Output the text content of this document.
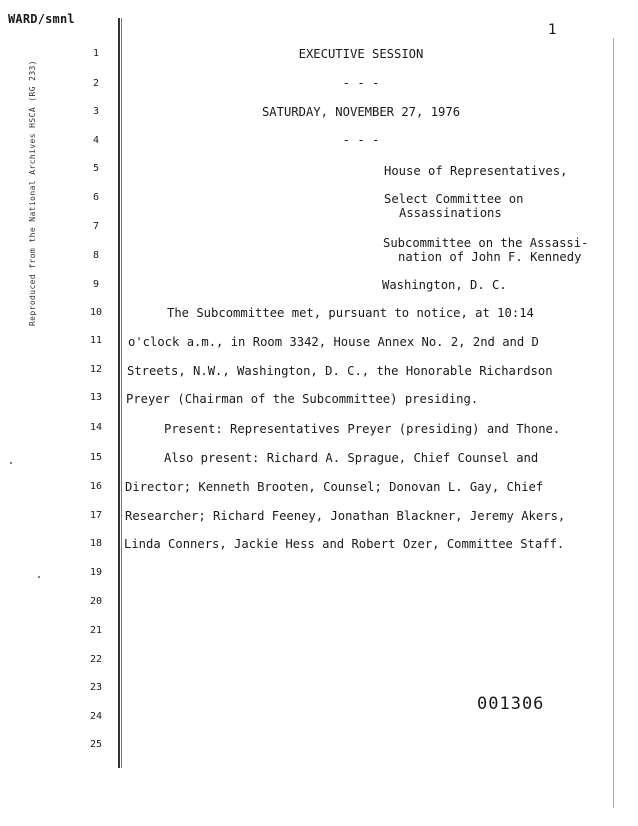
WARD/smnl
1
Reproduced from the National Archives HSCA (RG 233)
1
2
3
4
5
6
7
8
9
10
11
12
13
14
15
16
17
18
19
20
21
22
23
24
25
EXECUTIVE SESSION
- - -
SATURDAY, NOVEMBER 27, 1976
- - -
House of Representatives,
Select Committee on
Assassinations
Subcommittee on the Assassi-
nation of John F. Kennedy
Washington, D. C.
The Subcommittee met, pursuant to notice, at 10:14
o'clock a.m., in Room 3342, House Annex No. 2, 2nd and D
Streets, N.W., Washington, D. C., the Honorable Richardson
Preyer (Chairman of the Subcommittee) presiding.
Present: Representatives Preyer (presiding) and Thone.
Also present: Richard A. Sprague, Chief Counsel and
Director; Kenneth Brooten, Counsel; Donovan L. Gay, Chief
Researcher; Richard Feeney, Jonathan Blackner, Jeremy Akers,
Linda Conners, Jackie Hess and Robert Ozer, Committee Staff.
001306
